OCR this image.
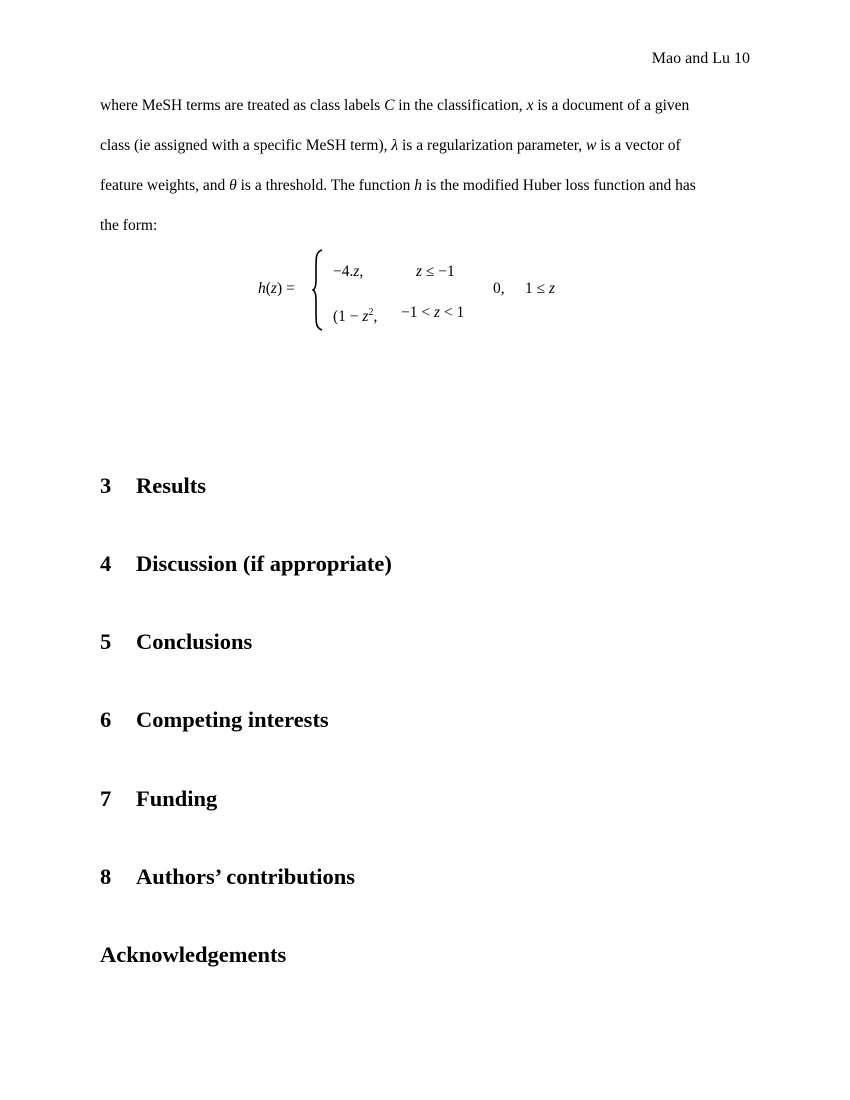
Mao and Lu 10
where MeSH terms are treated as class labels C in the classification, x is a document of a given
class (ie assigned with a specific MeSH term), λ is a regularization parameter, w is a vector of
feature weights, and θ is a threshold. The function h is the modified Huber loss function and has
the form:
h(z) =
−4.z,	z ≤ −1
($1 - z^2$, −1 < z < 1
0, 1 ≤ z
3 Results
4 Discussion (if appropriate)
5 Conclusions
6 Competing interests
7 Funding
8 Authors’ contributions
Acknowledgements
